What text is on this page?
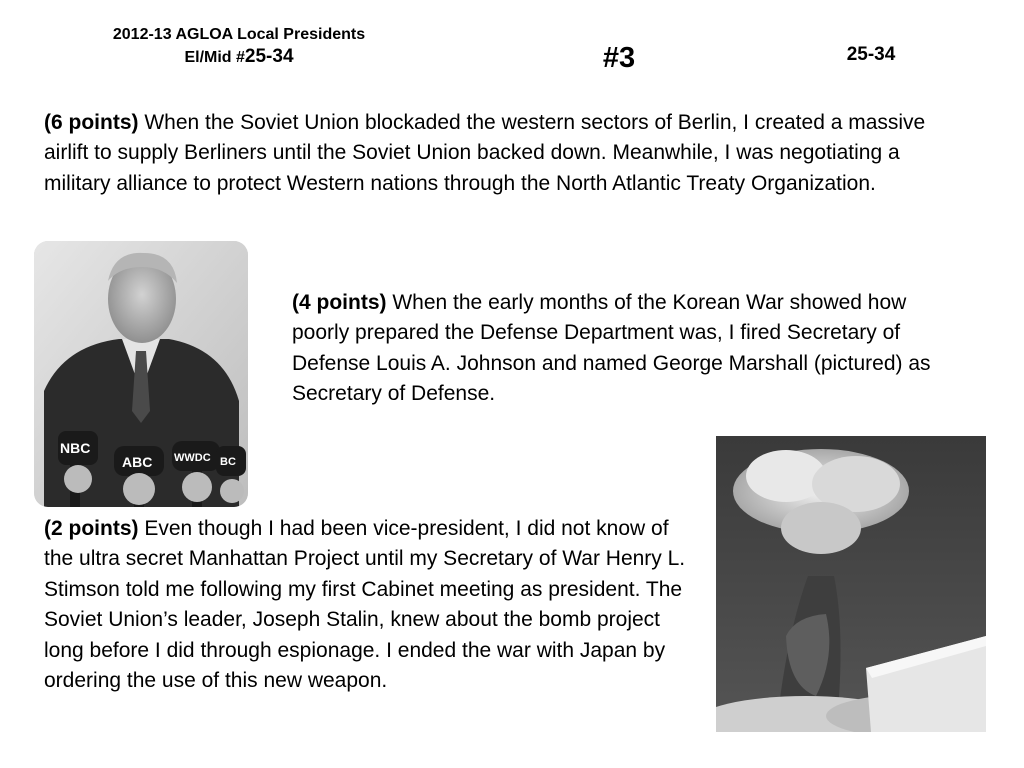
2012-13 AGLOA Local Presidents
El/Mid #25-34	#3	25-34

(6 points) When the Soviet Union blockaded the western sectors of Berlin, I created a massive airlift to supply Berliners until the Soviet Union backed down. Meanwhile, I was negotiating a military alliance to protect Western nations through the North Atlantic Treaty Organization.

NBC
ABC WWDC BC

(4 points) When the early months of the Korean War showed how poorly prepared the Defense Department was, I fired Secretary of Defense Louis A. Johnson and named George Marshall (pictured) as Secretary of Defense.

(2 points) Even though I had been vice-president, I did not know of the ultra secret Manhattan Project until my Secretary of War Henry L. Stimson told me following my first Cabinet meeting as president. The Soviet Union’s leader, Joseph Stalin, knew about the bomb project long before I did through espionage. I ended the war with Japan by ordering the use of this new weapon.
